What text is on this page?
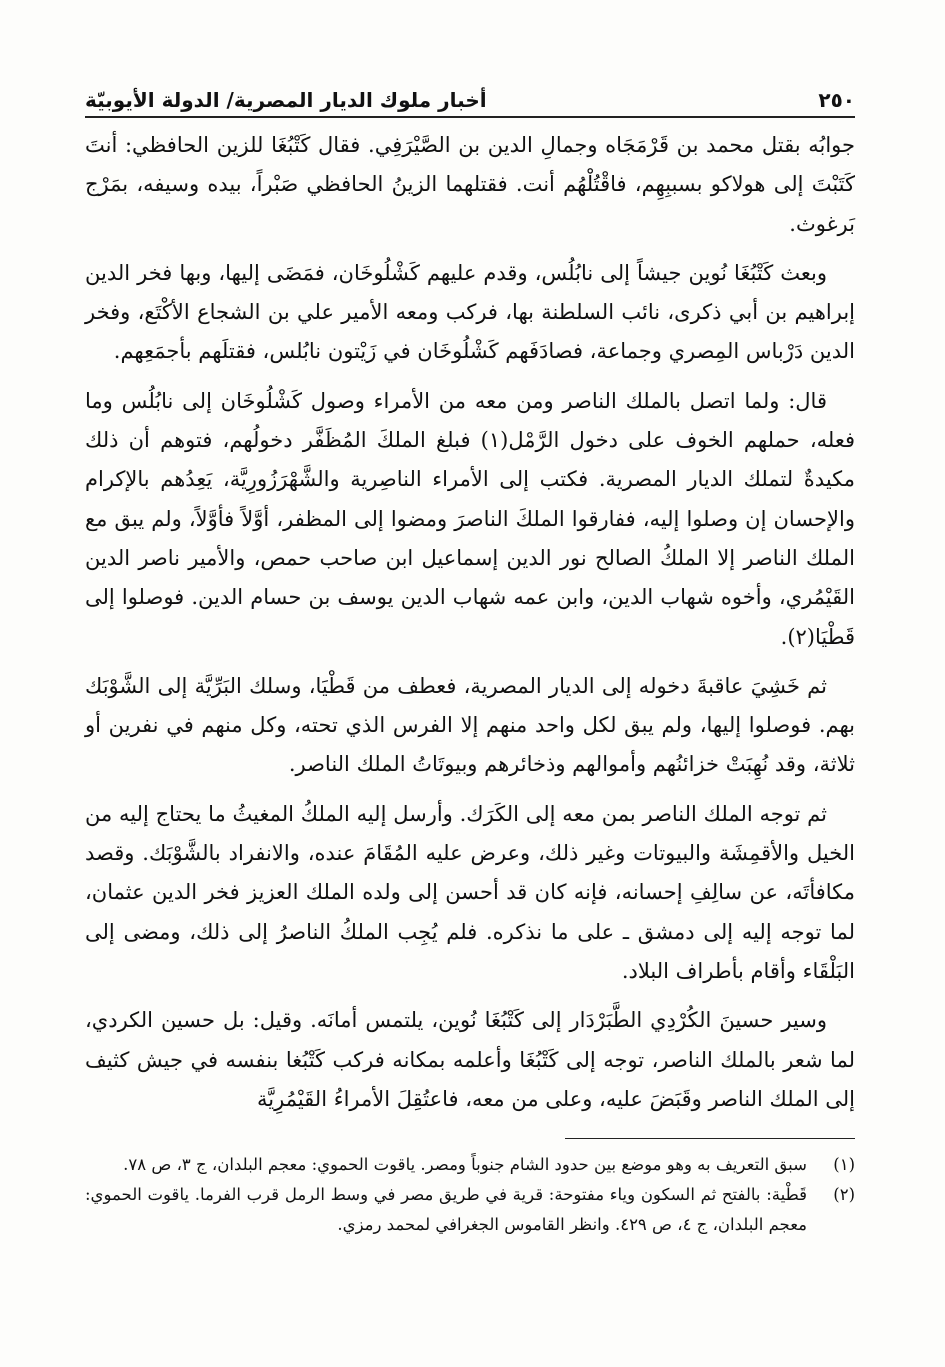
٢٥٠
أخبار ملوك الديار المصرية/ الدولة الأيوبيّة

جوابُه بقتل محمد بن قَرْمَجَاه وجمالِ الدين بن الصَّيْرَفِي. فقال كَتْبُغَا للزين الحافظي: أنتَ كَتَبْتَ إلى هولاكو بسببِهِم، فاقْتُلْهُم أنت. فقتلهما الزينُ الحافظي صَبْراً، بيده وسيفه، بمَرْج بَرغوث.

وبعث كَتْبُغَا نُوين جيشاً إلى نابُلُس، وقدم عليهم كَشْلُوخَان، فمَضَى إليها، وبها فخر الدين إبراهيم بن أبي ذكرى، نائب السلطنة بها، فركب ومعه الأمير علي بن الشجاع الأكْتَع، وفخر الدين دَرْباس المِصري وجماعة، فصادَفَهم كَشْلُوخَان في زَيْتون نابُلس، فقتلَهم بأجمَعِهم.

قال: ولما اتصل بالملك الناصر ومن معه من الأمراء وصول كَشْلُوخَان إلى نابُلُس وما فعله، حملهم الخوف على دخول الرَّمْل(١) فبلغ الملكَ المُظَفَّر دخولُهم، فتوهم أن ذلك مكيدةٌ لتملك الديار المصرية. فكتب إلى الأمراء الناصِرية والشَّهْرَزُورِيَّة، يَعِدُهم بالإكرام والإحسان إن وصلوا إليه، ففارقوا الملكَ الناصرَ ومضوا إلى المظفر، أوَّلاً فأوَّلاً، ولم يبق مع الملك الناصر إلا الملكُ الصالح نور الدين إسماعيل ابن صاحب حمص، والأمير ناصر الدين القَيْمُري، وأخوه شهاب الدين، وابن عمه شهاب الدين يوسف بن حسام الدين. فوصلوا إلى قَطْيَا(٢).

ثم خَشِيَ عاقبةَ دخوله إلى الديار المصرية، فعطف من قَطْيَا، وسلك البَرِّيَّة إلى الشَّوْبَك بهم. فوصلوا إليها، ولم يبق لكل واحد منهم إلا الفرس الذي تحته، وكل منهم في نفرين أو ثلاثة، وقد نُهِبَتْ خزائنُهم وأموالهم وذخائرهم وبيوتَاتُ الملك الناصر.

ثم توجه الملك الناصر بمن معه إلى الكَرَك. وأرسل إليه الملكُ المغيثُ ما يحتاج إليه من الخيل والأقمِشَة والبيوتات وغير ذلك، وعرض عليه المُقَامَ عنده، والانفراد بالشَّوْبَك. وقصد مكافأتَه، عن سالِفِ إحسانه، فإنه كان قد أحسن إلى ولده الملك العزيز فخر الدين عثمان، لما توجه إليه إلى دمشق ـ على ما نذكره. فلم يُجِب الملكُ الناصرُ إلى ذلك، ومضى إلى البَلْقَاء وأقام بأطراف البلاد.

وسير حسينَ الكُرْدِي الطَّبَرْدَار إلى كَتْبُغَا نُوين، يلتمس أمانَه. وقيل: بل حسين الكردي، لما شعر بالملك الناصر، توجه إلى كَتْبُغَا وأعلمه بمكانه فركب كَتْبُغا بنفسه في جيش كثيف إلى الملك الناصر وقَبَضَ عليه، وعلى من معه، فاعتُقِلَ الأمراءُ القَيْمُرِيَّة

(١)
سبق التعريف به وهو موضع بين حدود الشام جنوباً ومصر. ياقوت الحموي: معجم البلدان، ج ٣، ص ٧٨.
(٢)
قَطْية: بالفتح ثم السكون وياء مفتوحة: قرية في طريق مصر في وسط الرمل قرب الفرما. ياقوت الحموي: معجم البلدان، ج ٤، ص ٤٢٩. وانظر القاموس الجغرافي لمحمد رمزي.
